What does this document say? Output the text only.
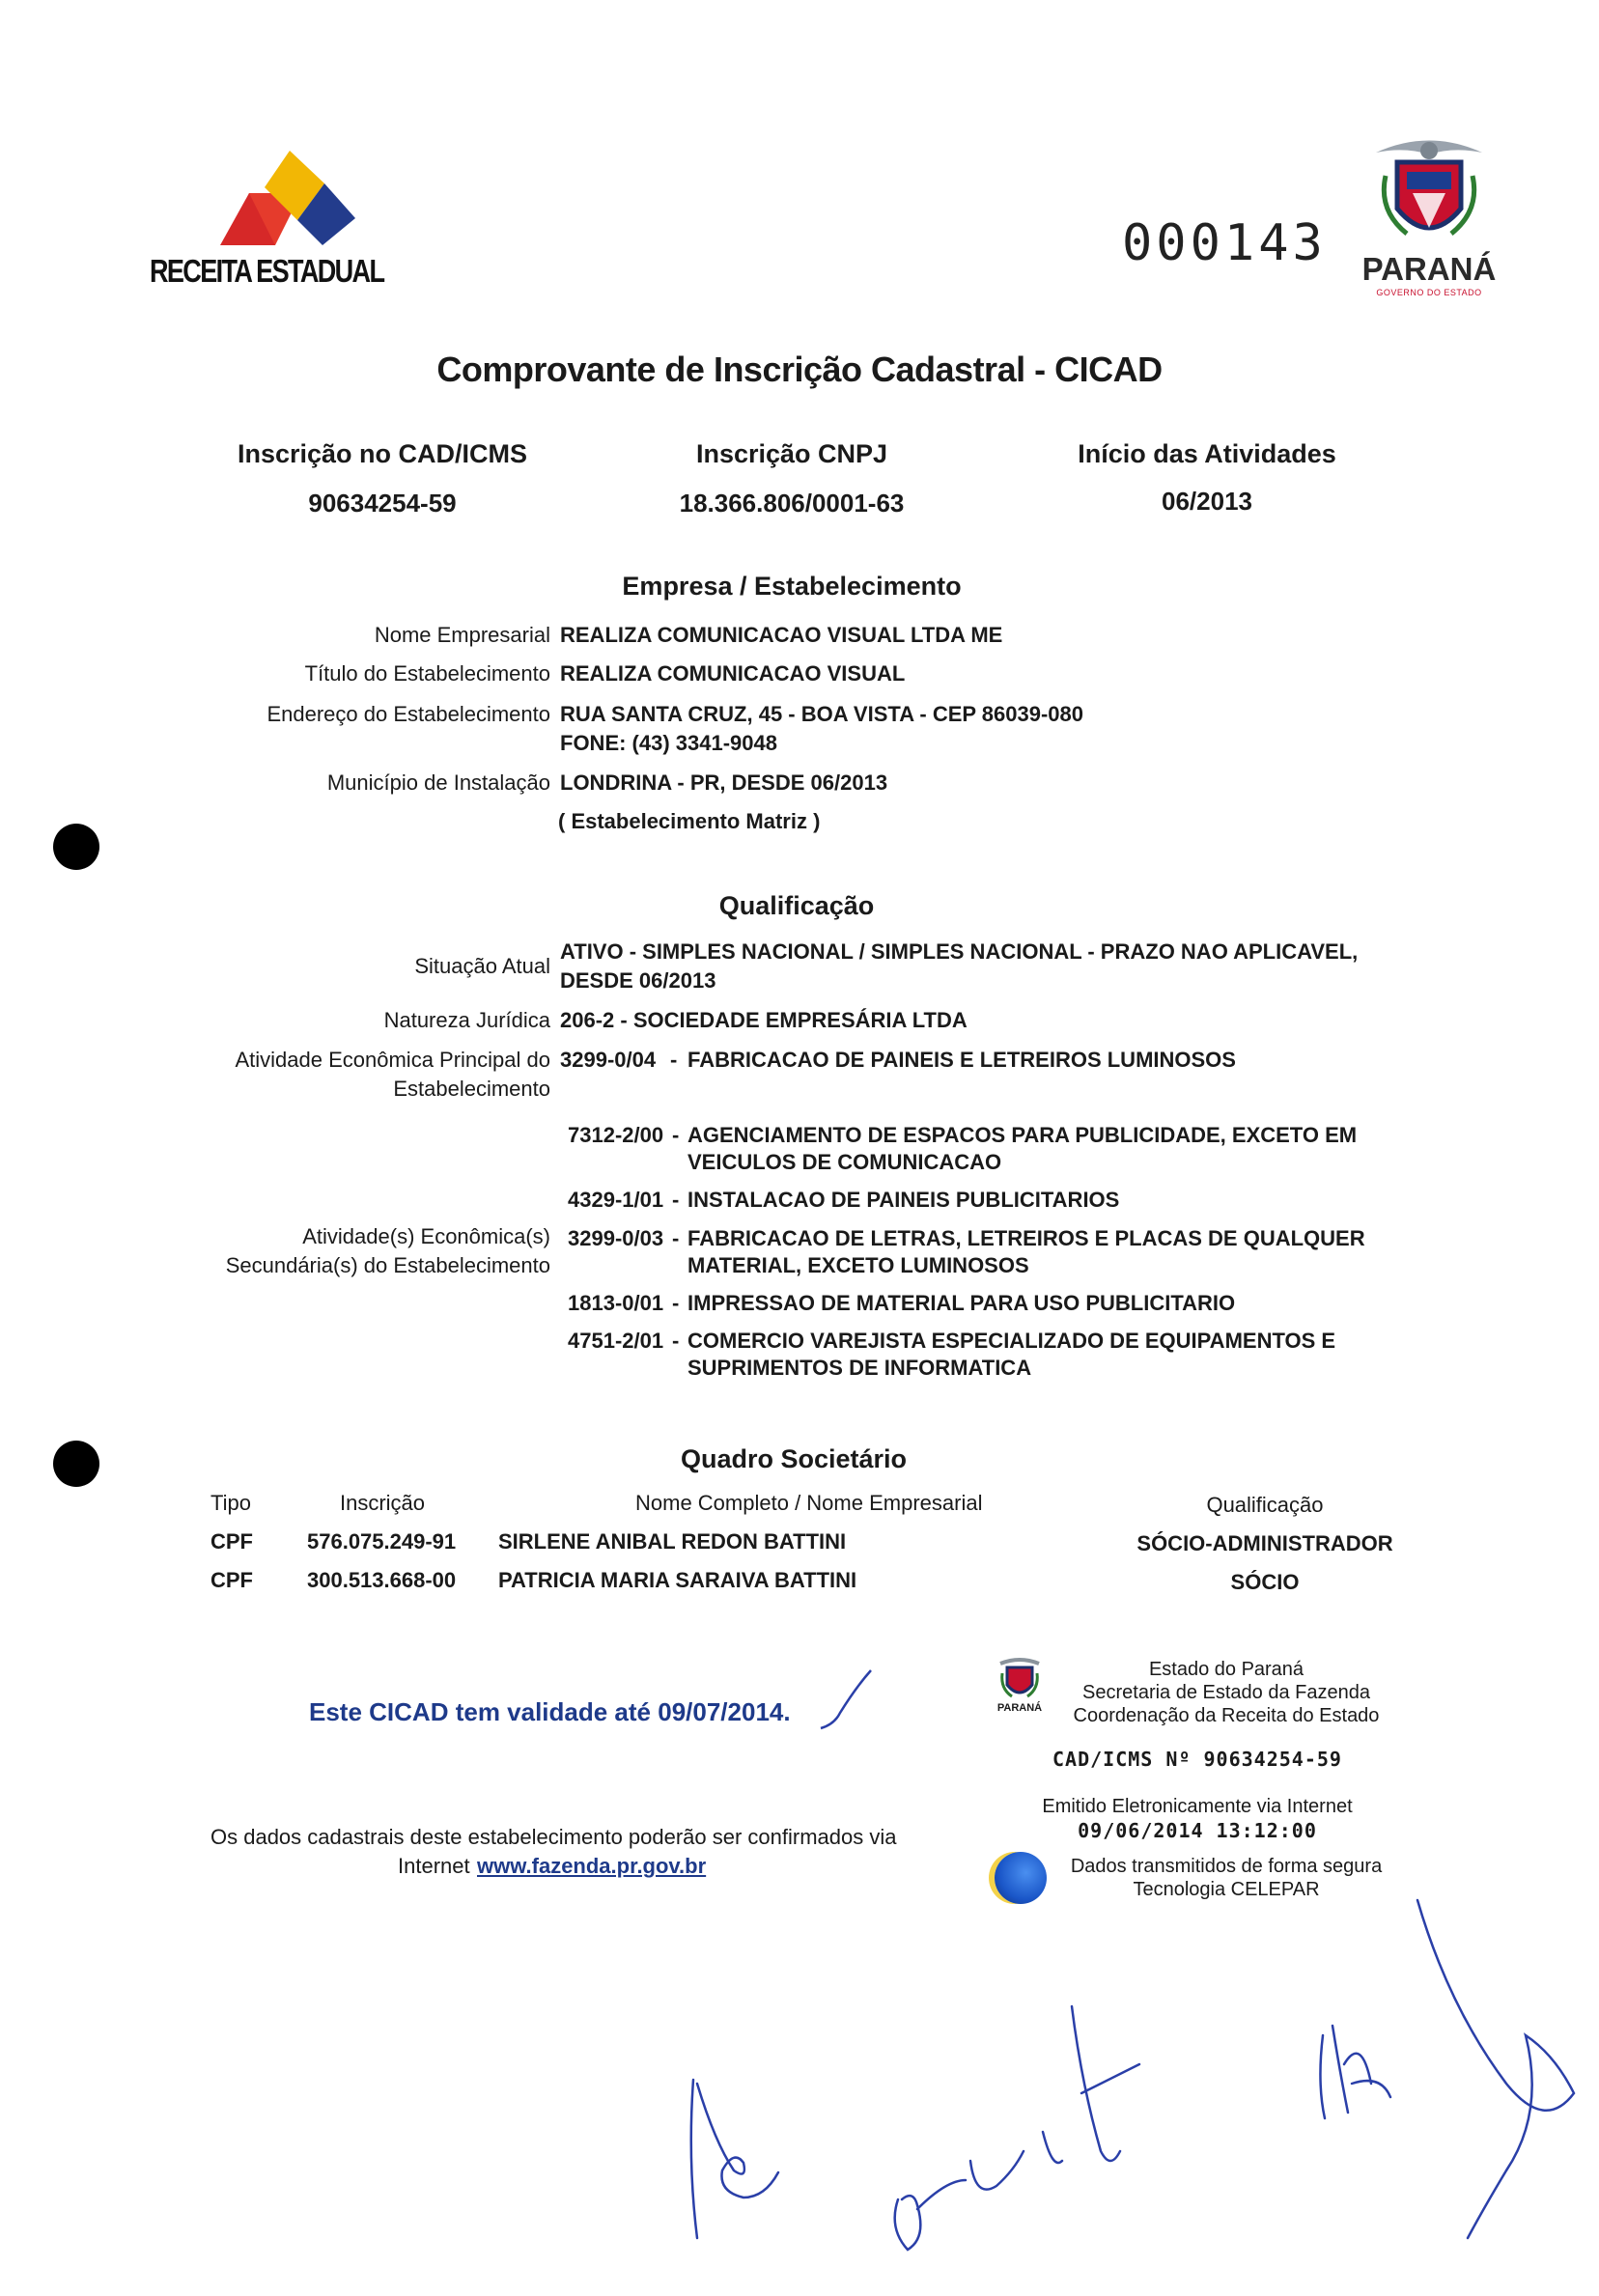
RECEITA ESTADUAL	000143 PARANÁ
GOVERNO DO ESTADO
Comprovante de Inscrição Cadastral - CICAD
Inscrição no CAD/ICMS
90634254-59
Inscrição CNPJ
18.366.806/0001-63
Início das Atividades
06/2013
Empresa / Estabelecimento
Nome Empresarial REALIZA COMUNICACAO VISUAL LTDA ME
Título do Estabelecimento REALIZA COMUNICACAO VISUAL
Endereço do Estabelecimento RUA SANTA CRUZ, 45 - BOA VISTA - CEP 86039-080
FONE: (43) 3341-9048
Município de Instalação LONDRINA - PR, DESDE 06/2013
( Estabelecimento Matriz )
Qualificação
Situação Atual
ATIVO - SIMPLES NACIONAL / SIMPLES NACIONAL - PRAZO NAO APLICAVEL,
DESDE 06/2013
Natureza Jurídica 206-2 - SOCIEDADE EMPRESÁRIA LTDA
Atividade Econômica Principal do
Estabelecimento
3299-0/04 - FABRICACAO DE PAINEIS E LETREIROS LUMINOSOS
Atividade(s) Econômica(s)
Secundária(s) do Estabelecimento
7312-2/00 - AGENCIAMENTO DE ESPACOS PARA PUBLICIDADE, EXCETO EM
VEICULOS DE COMUNICACAO
4329-1/01 - INSTALACAO DE PAINEIS PUBLICITARIOS
3299-0/03 - FABRICACAO DE LETRAS, LETREIROS E PLACAS DE QUALQUER
MATERIAL, EXCETO LUMINOSOS
1813-0/01 - IMPRESSAO DE MATERIAL PARA USO PUBLICITARIO
4751-2/01 - COMERCIO VAREJISTA ESPECIALIZADO DE EQUIPAMENTOS E
SUPRIMENTOS DE INFORMATICA
Quadro Societário
Tipo	Inscrição	Nome Completo / Nome Empresarial	Qualificação
CPF	576.075.249-91 SIRLENE ANIBAL REDON BATTINI	SÓCIO-ADMINISTRADOR
CPF	300.513.668-00 PATRICIA MARIA SARAIVA BATTINI	SÓCIO
Este CICAD tem validade até 09/07/2014.
Os dados cadastrais deste estabelecimento poderão ser confirmados via
Internet www.fazenda.pr.gov.br
PARANÁ
Estado do Paraná
Secretaria de Estado da Fazenda
Coordenação da Receita do Estado
CAD/ICMS Nº 90634254-59
Emitido Eletronicamente via Internet
09/06/2014 13:12:00
Dados transmitidos de forma segura
Tecnologia CELEPAR
